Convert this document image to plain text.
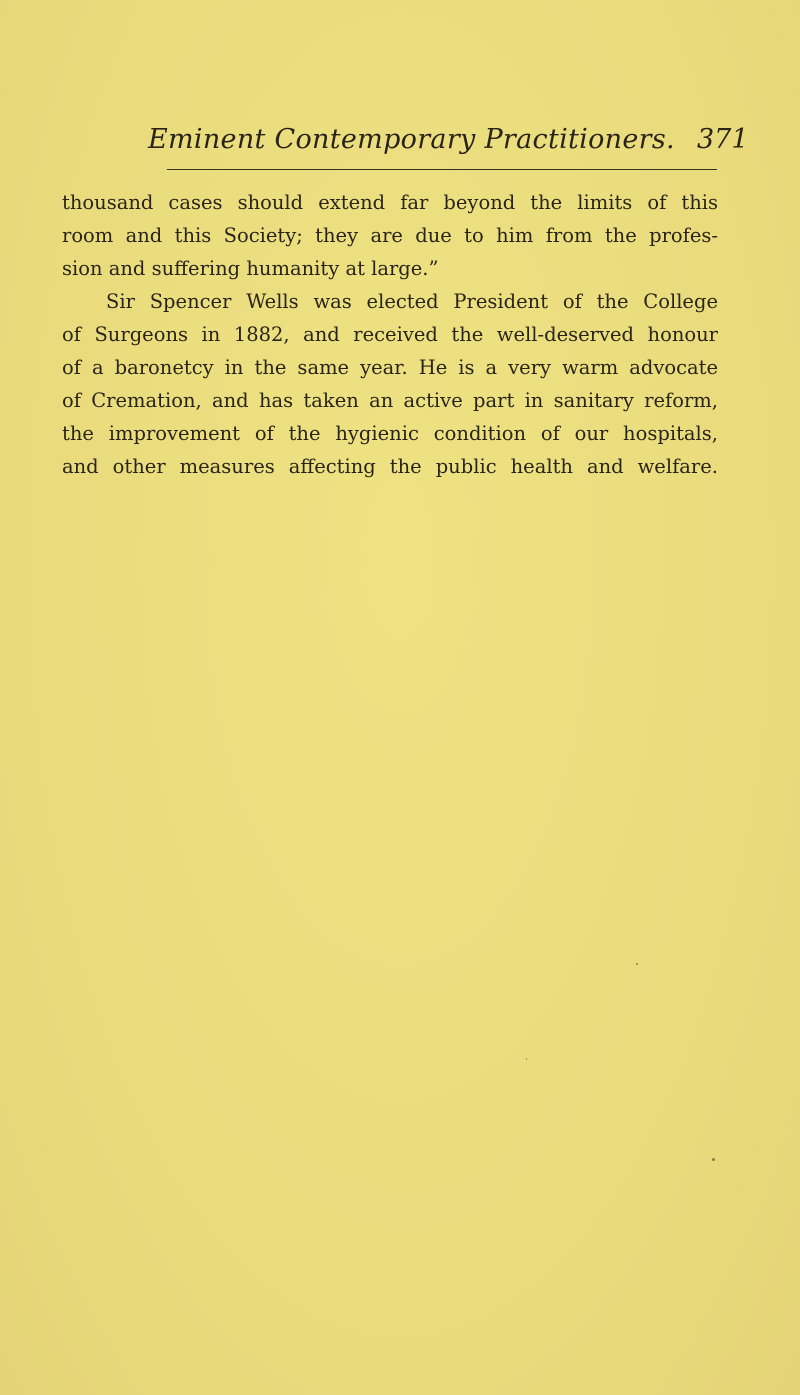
Eminent Contemporary Practitioners. 371
thousand cases should extend far beyond the limits of this
room and this Society; they are due to him from the profes-
sion and suffering humanity at large.”
Sir Spencer Wells was elected President of the College
of Surgeons in 1882, and received the well-deserved honour
of a baronetcy in the same year. He is a very warm advocate
of Cremation, and has taken an active part in sanitary reform,
the improvement of the hygienic condition of our hospitals,
and other measures affecting the public health and welfare.
